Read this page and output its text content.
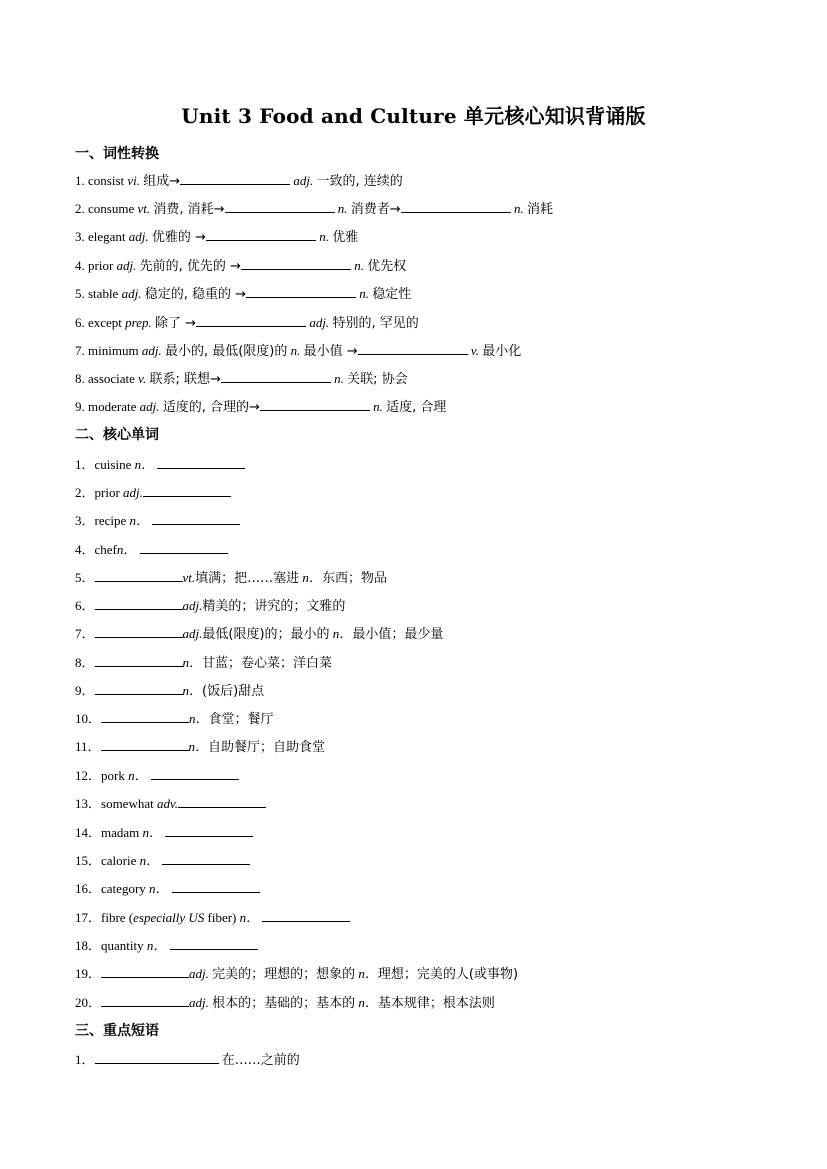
Unit 3 Food and Culture 单元核心知识背诵版
一、词性转换
1. consist vi. 组成→	adj. 一致的, 连续的
2. consume vt. 消费, 消耗→	n. 消费者→	n. 消耗
3. elegant adj. 优雅的 →	n. 优雅
4. prior adj. 先前的, 优先的 →	n. 优先权
5. stable adj. 稳定的, 稳重的 →	n. 稳定性
6. except prep. 除了 →	adj. 特别的, 罕见的
7. minimum adj. 最小的, 最低(限度)的 n. 最小值 →	v. 最小化
8. associate v. 联系; 联想→	n. 关联; 协会
9. moderate adj. 适度的, 合理的→	n. 适度, 合理
二、核心单词
1．cuisine n．
2．prior adj.
3．recipe n．
4．chefn．
5．	vt.填满；把……塞进 n．东西；物品
6．	adj.精美的；讲究的；文雅的
7．	adj.最低(限度)的；最小的 n．最小值；最少量
8．	n．甘蓝；卷心菜；洋白菜
9．	n．(饭后)甜点
10．	n．食堂；餐厅
11．	n．自助餐厅；自助食堂
12．pork n．
13．somewhat adv.
14．madam n．
15．calorie n．
16．category n．
17．fibre (especially US fiber) n．
18．quantity n．
19．	adj. 完美的；理想的；想象的 n．理想；完美的人(或事物)
20．	adj. 根本的；基础的；基本的 n．基本规律；根本法则
三、重点短语
1．	在……之前的
